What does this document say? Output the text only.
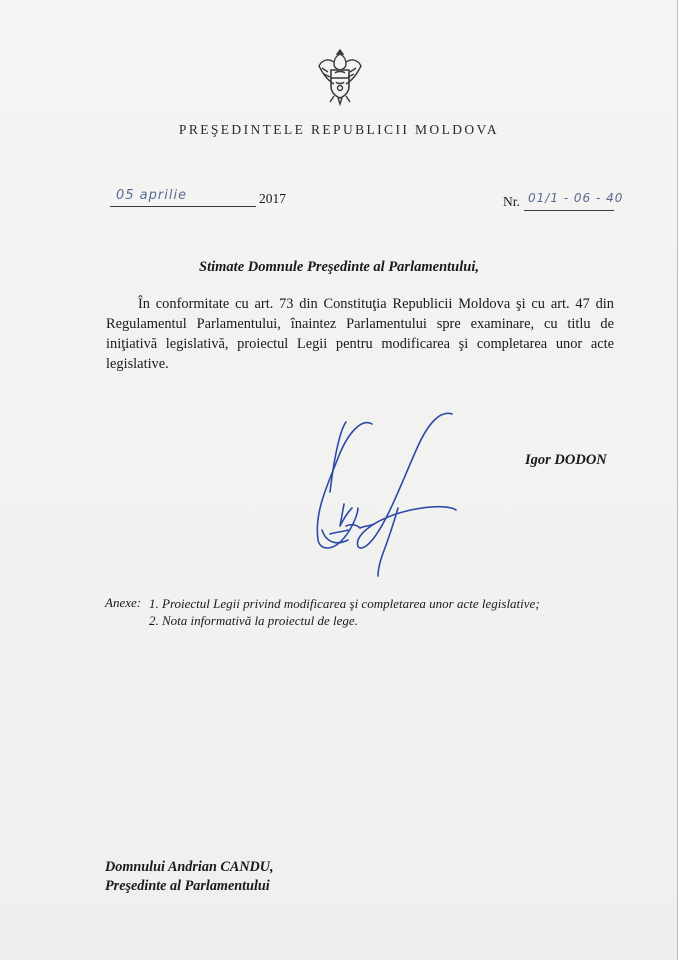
PREŞEDINTELE REPUBLICII MOLDOVA
05 aprilie	2017	Nr. 01/1 - 06 - 40
Stimate Domnule Preşedinte al Parlamentului,
În conformitate cu art. 73 din Constituţia Republicii Moldova şi cu art. 47 din Regulamentul Parlamentului, înaintez Parlamentului spre examinare, cu titlu de iniţiativă legislativă, proiectul Legii pentru modificarea şi completarea unor acte legislative.
Igor DODON
Anexe: 1. Proiectul Legii privind modificarea şi completarea unor acte legislative;
2. Nota informativă la proiectul de lege.
Domnului Andrian CANDU,
Preşedinte al Parlamentului
